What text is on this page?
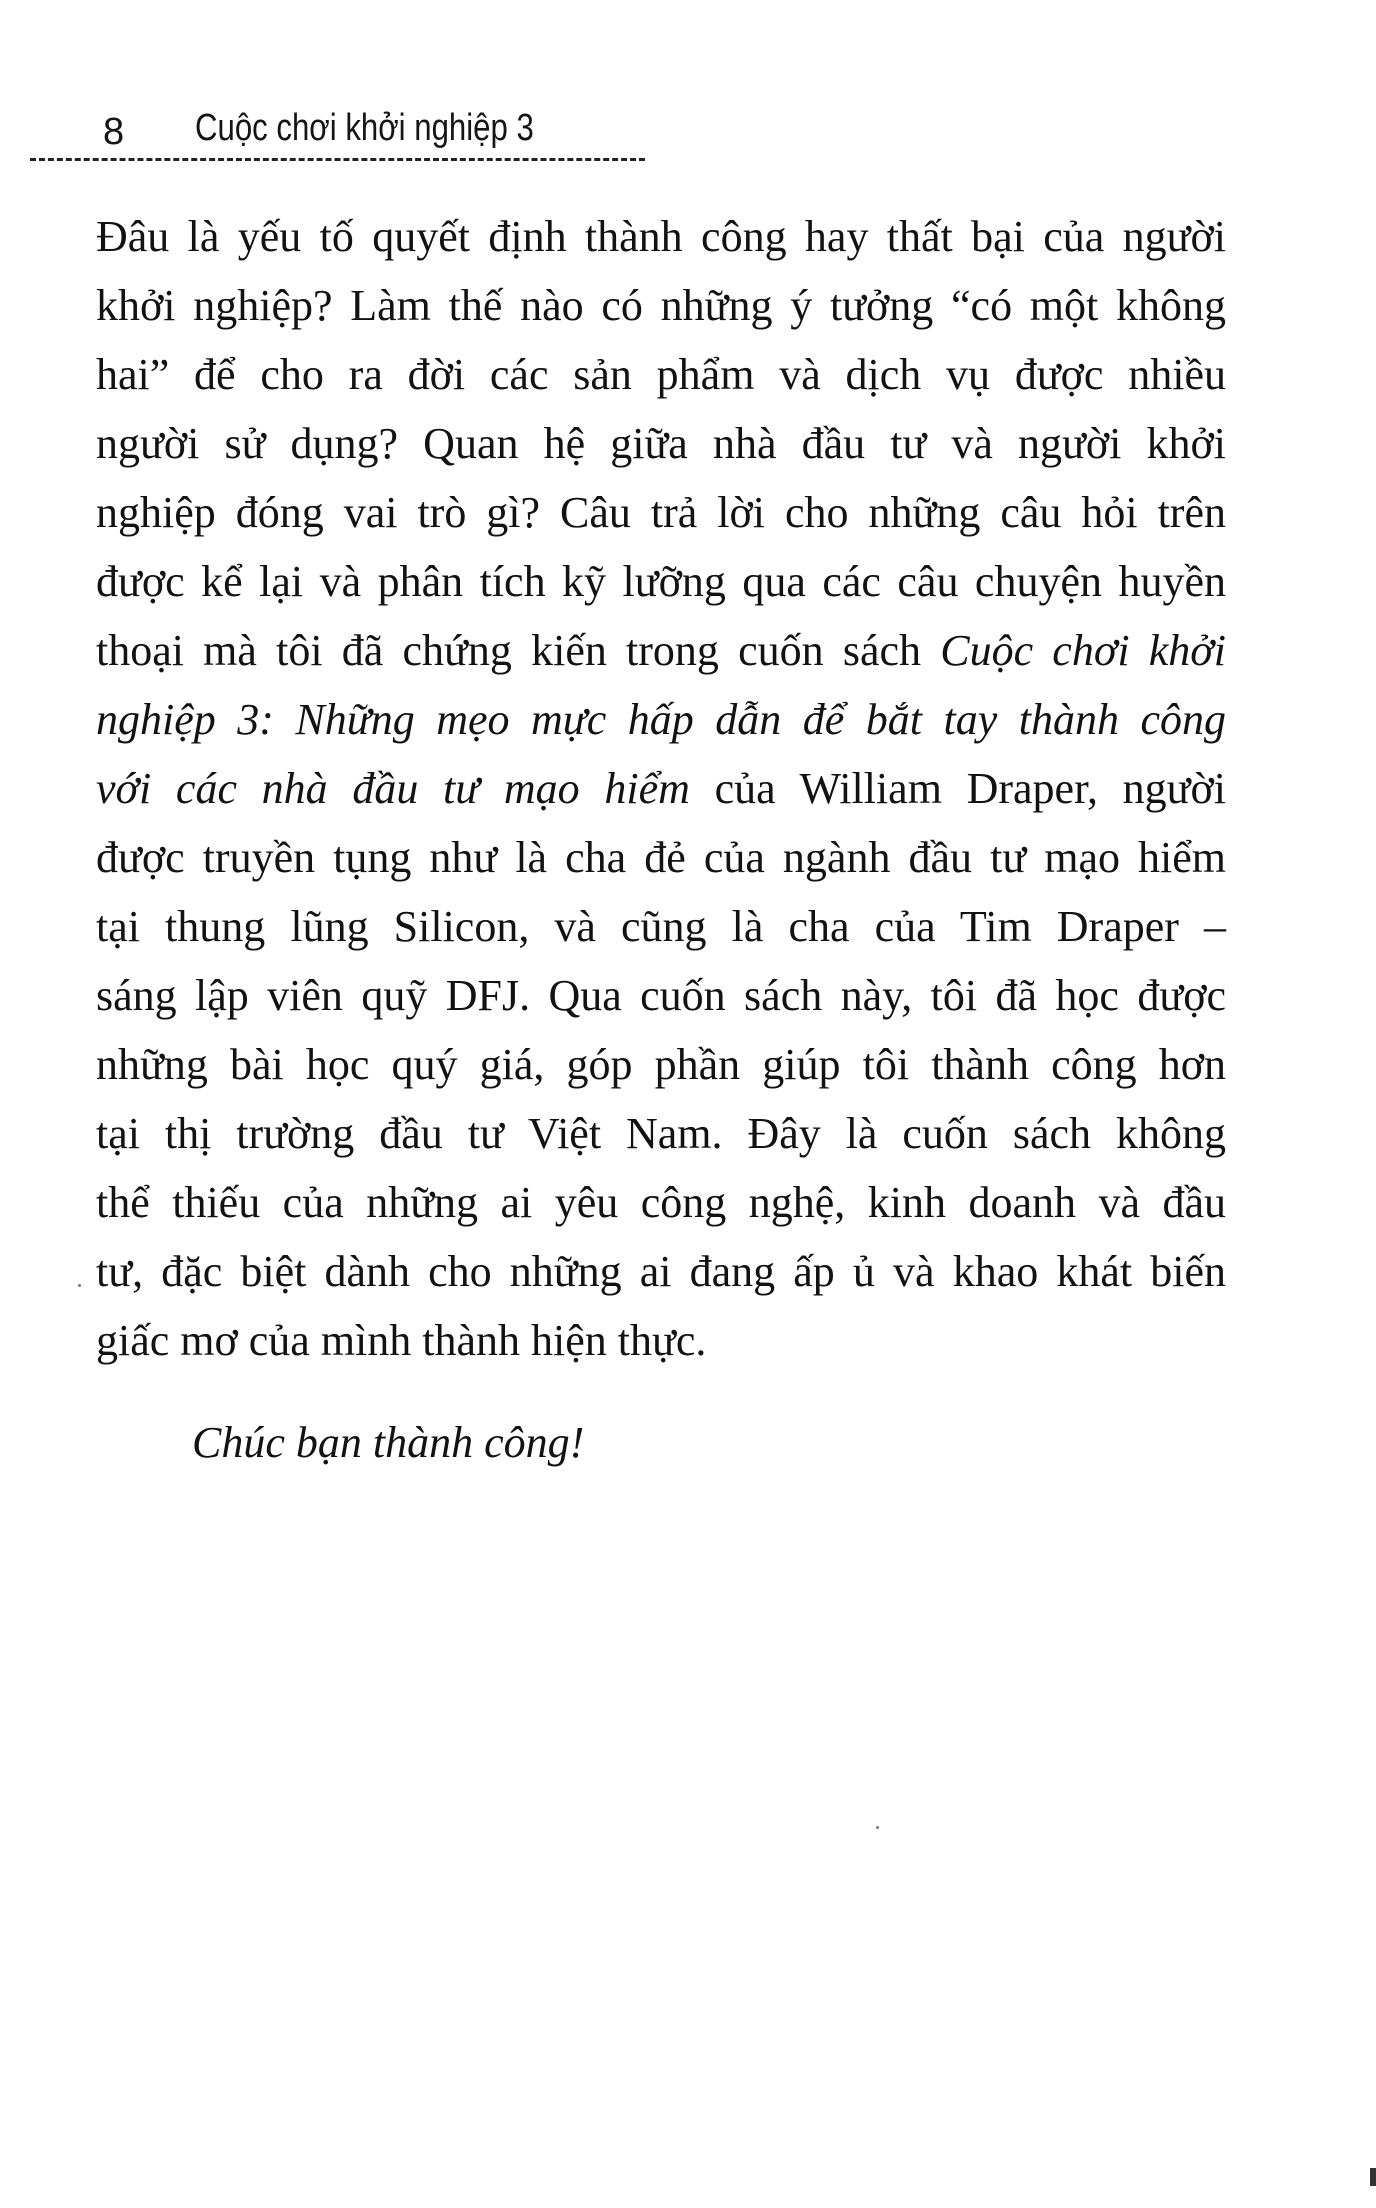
8 Cuộc chơi khởi nghiệp 3
Đâu là yếu tố quyết định thành công hay thất bại của người
khởi nghiệp? Làm thế nào có những ý tưởng “có một không
hai” để cho ra đời các sản phẩm và dịch vụ được nhiều
người sử dụng? Quan hệ giữa nhà đầu tư và người khởi
nghiệp đóng vai trò gì? Câu trả lời cho những câu hỏi trên
được kể lại và phân tích kỹ lưỡng qua các câu chuyện huyền
thoại mà tôi đã chứng kiến trong cuốn sách Cuộc chơi khởi
nghiệp 3: Những mẹo mực hấp dẫn để bắt tay thành công
với các nhà đầu tư mạo hiểm của William Draper, người
được truyền tụng như là cha đẻ của ngành đầu tư mạo hiểm
tại thung lũng Silicon, và cũng là cha của Tim Draper –
sáng lập viên quỹ DFJ. Qua cuốn sách này, tôi đã học được
những bài học quý giá, góp phần giúp tôi thành công hơn
tại thị trường đầu tư Việt Nam. Đây là cuốn sách không
thể thiếu của những ai yêu công nghệ, kinh doanh và đầu
tư, đặc biệt dành cho những ai đang ấp ủ và khao khát biến
giấc mơ của mình thành hiện thực.

Chúc bạn thành công!
